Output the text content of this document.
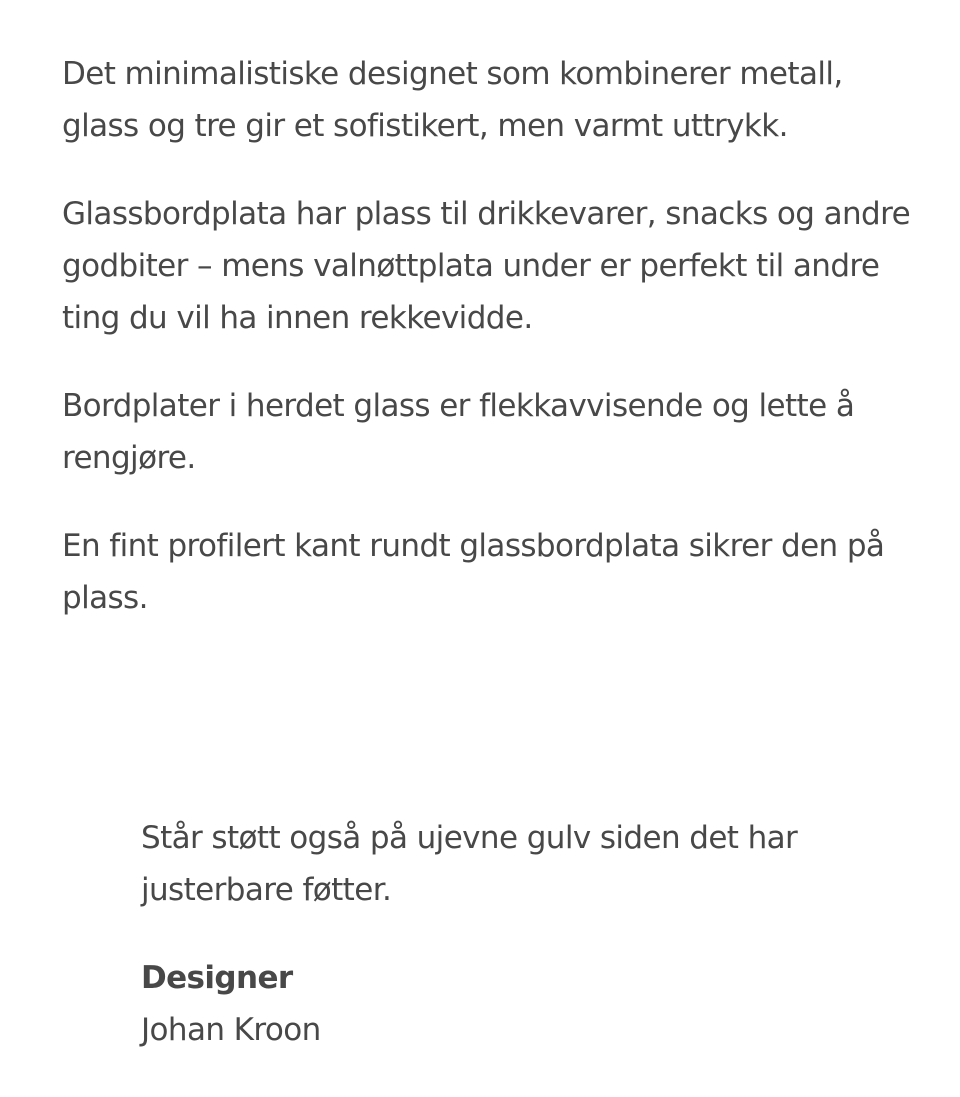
Det minimalistiske designet som kombinerer metall, glass og tre gir et sofistikert, men varmt uttrykk.

Glassbordplata har plass til drikkevarer, snacks og andre godbiter – mens valnøttplata under er perfekt til andre ting du vil ha innen rekkevidde.

Bordplater i herdet glass er flekkavvisende og lette å rengjøre.

En fint profilert kant rundt glassbordplata sikrer den på plass.

Står støtt også på ujevne gulv siden det har justerbare føtter.

Designer

Johan Kroon
